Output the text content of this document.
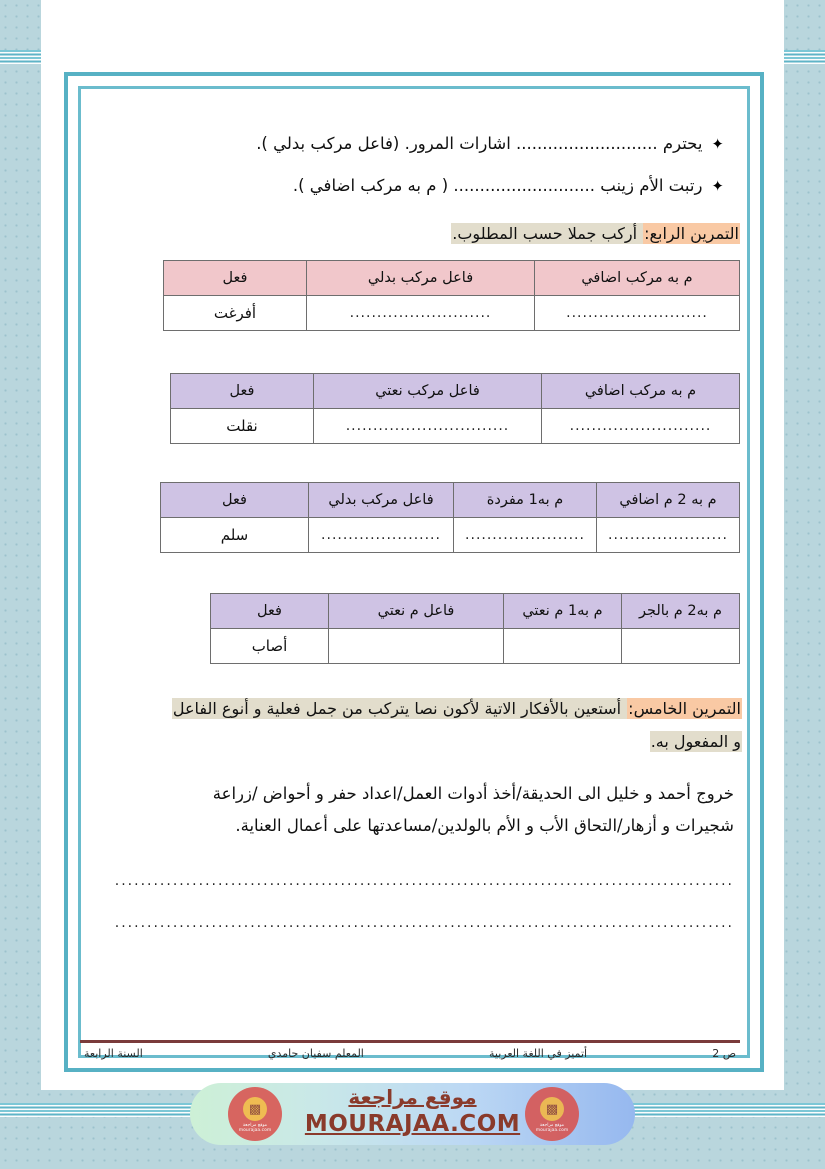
✦
يحترم ........................... اشارات المرور. (فاعل مركب بدلي ).
✦
رتبت الأم زينب ........................... ( م به مركب اضافي ).
التمرين الرابع: أركب جملا حسب المطلوب.
م به مركب اضافي	فاعل مركب بدلي	فعل
..........................	..........................	أفرغت
م به مركب اضافي	فاعل مركب نعتي	فعل
..........................	..............................	نقلت
م به 2 م اضافي	م به1 مفردة	فاعل مركب بدلي	فعل
......................	......................	......................	سلم
م به2 م بالجر	م به1 م نعتي	فاعل م نعتي	فعل
			أصاب
التمرين الخامس: أستعين بالأفكار الاتية لأكون نصا يتركب من جمل فعلية و أنوع الفاعل
و المفعول به.
خروج أحمد و خليل الى الحديقة/أخذ أدوات العمل/اعداد حفر و أحواض /زراعة
شجيرات و أزهار/التحاق الأب و الأم بالولدين/مساعدتها على أعمال العناية.
................................................................................................
................................................................................................
ص 2
أتميز في اللغة العربية
المعلم سفيان حامدي
السنة الرابعة
▩
موقع مراجعة
mourajaa.com
▩
موقع مراجعة
mourajaa.com
موقع مراجعة
MOURAJAA.COM
